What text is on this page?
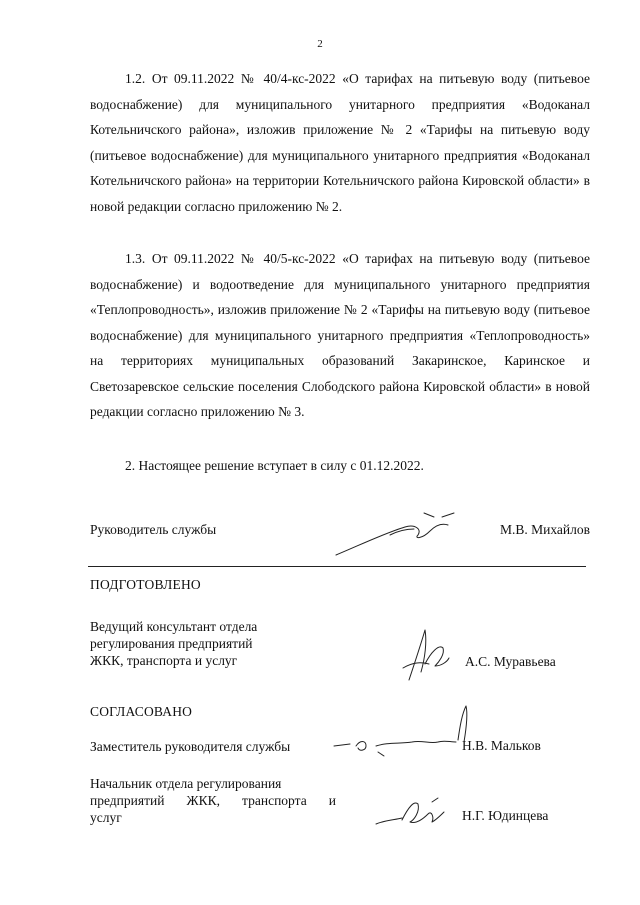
2

1.2. От 09.11.2022 № 40/4-кс-2022 «О тарифах на питьевую воду (питьевое водоснабжение) для муниципального унитарного предприятия «Водоканал Котельничского района», изложив приложение № 2 «Тарифы на питьевую воду (питьевое водоснабжение) для муниципального унитарного предприятия «Водоканал Котельничского района» на территории Котельничского района Кировской области» в новой редакции согласно приложению № 2.

1.3. От 09.11.2022 № 40/5-кс-2022 «О тарифах на питьевую воду (питьевое водоснабжение) и водоотведение для муниципального унитарного предприятия «Теплопроводность», изложив приложение № 2 «Тарифы на питьевую воду (питьевое водоснабжение) для муниципального унитарного предприятия «Теплопроводность» на территориях муниципальных образований Закаринское, Каринское и Светозаревское сельские поселения Слободского района Кировской области» в новой редакции согласно приложению № 3.

2. Настоящее решение вступает в силу с 01.12.2022.

Руководитель службы	М.В. Михайлов
ПОДГОТОВЛЕНО
Ведущий консультант отдела
регулирования предприятий
ЖКК, транспорта и услуг	А.С. Муравьева
СОГЛАСОВАНО
Заместитель руководителя службы	Н.В. Мальков
Начальник отдела регулирования
предприятий ЖКК, транспорта и
услуг	Н.Г. Юдинцева
